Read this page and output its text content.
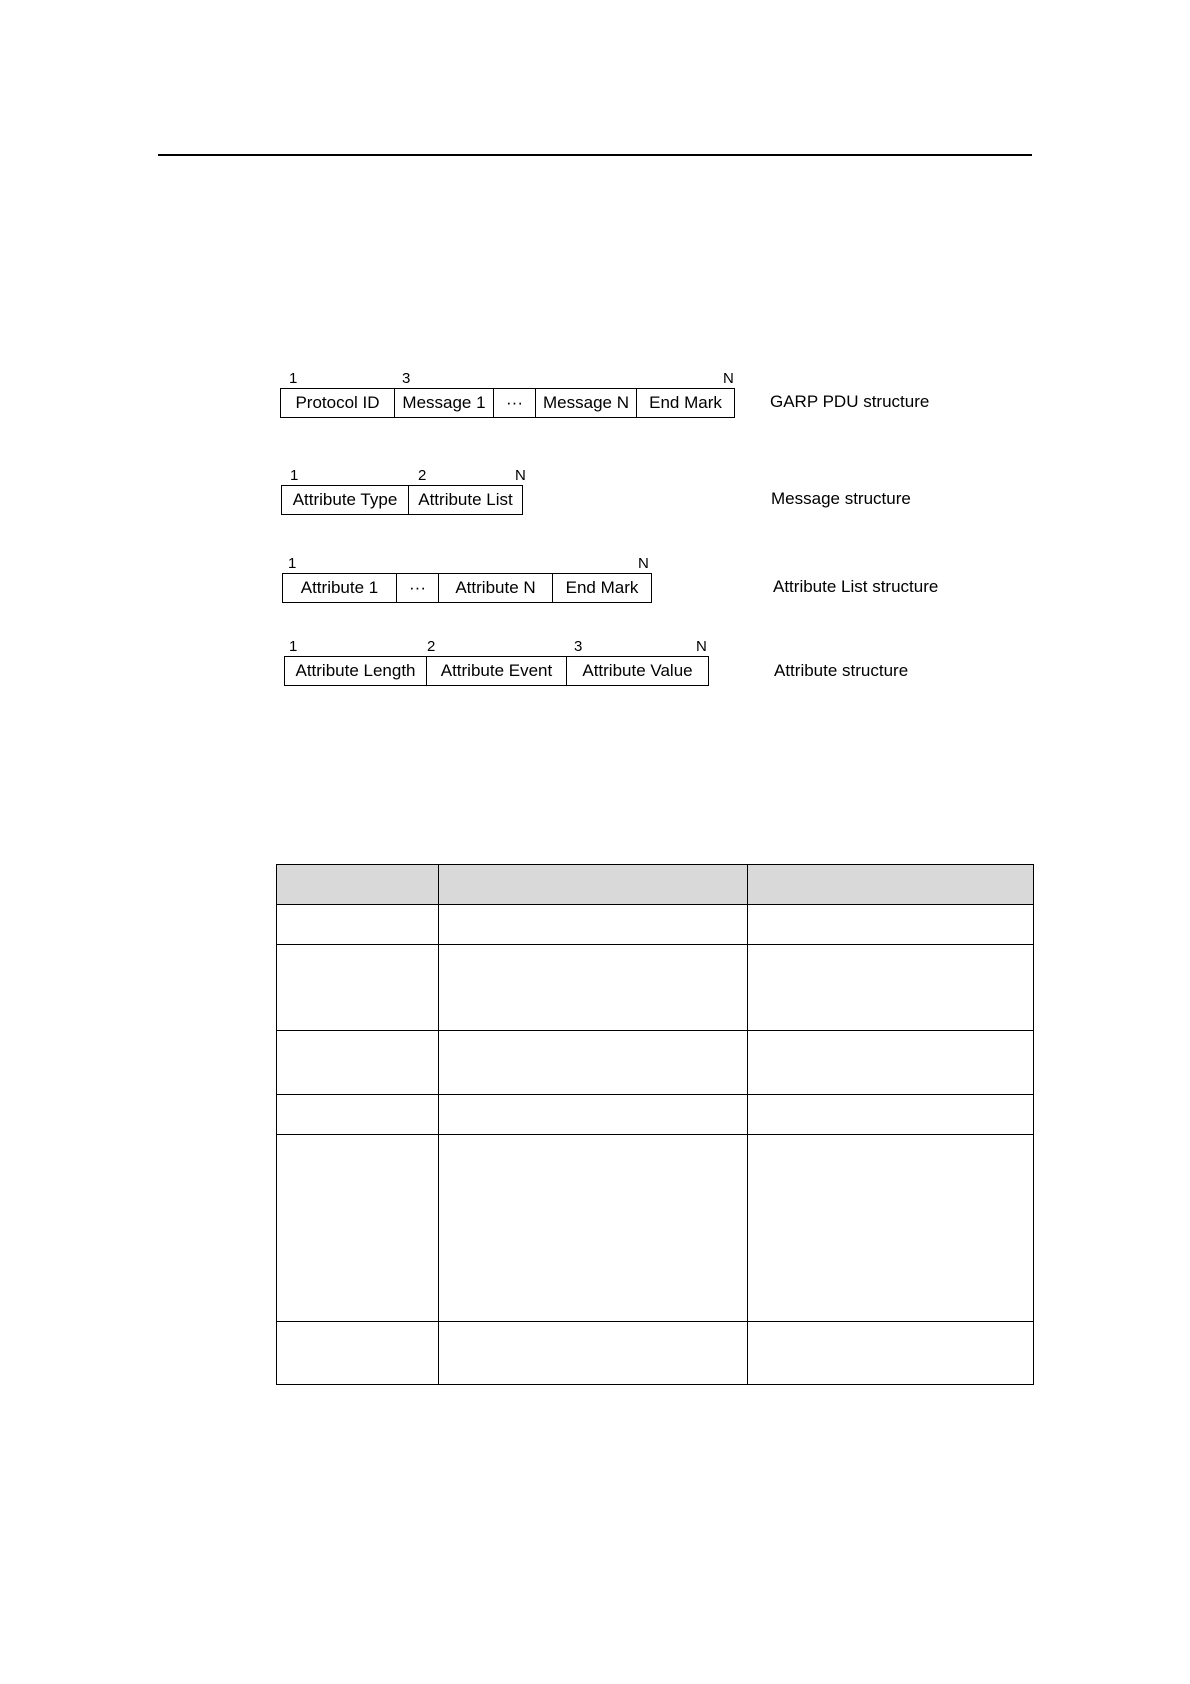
1	3	N
Protocol ID	Message 1	···	Message N	End Mark	GARP PDU structure
1	2	N
Attribute Type	Attribute List	Message structure
1	N
Attribute 1	···	Attribute N	End Mark	Attribute List structure
1	2	3	N
Attribute Length	Attribute Event	Attribute Value	Attribute structure
